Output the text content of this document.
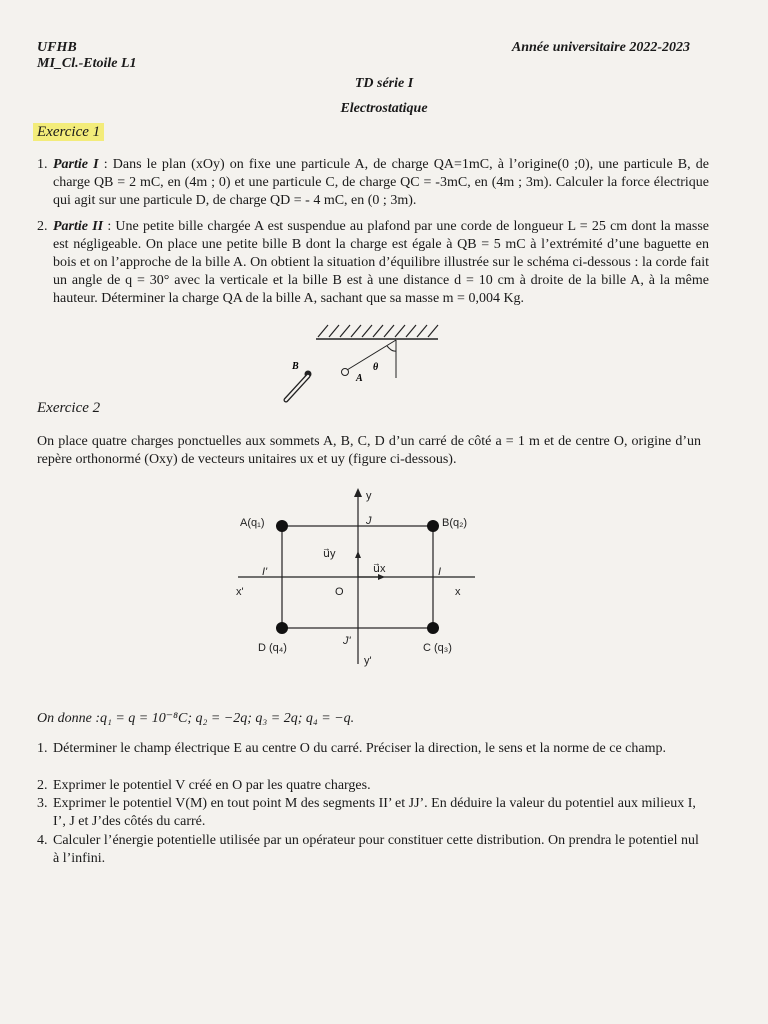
UFHB
MI_Cl.-Etoile L1
Année universitaire 2022-2023
TD série I
Electrostatique
Exercice 1
1. Partie I : Dans le plan (xOy) on fixe une particule A, de charge QA=1mC, à l’origine(0 ;0), une particule B, de charge QB = 2 mC, en (4m ; 0) et une particule C, de charge QC = -3mC, en (4m ; 3m). Calculer la force électrique qui agit sur une particule D, de charge QD = - 4 mC, en (0 ; 3m).
2. Partie II : Une petite bille chargée A est suspendue au plafond par une corde de longueur L = 25 cm dont la masse est négligeable. On place une petite bille B dont la charge est égale à QB = 5 mC à l’extrémité d’une baguette en bois et on l’approche de la bille A. On obtient la situation d’équilibre illustrée sur le schéma ci-dessous : la corde fait un angle de q = 30° avec la verticale et la bille B est à une distance d = 10 cm à droite de la bille A, à la même hauteur. Déterminer la charge QA de la bille A, sachant que sa masse m = 0,004 Kg.
B
A
θ
Exercice 2
On place quatre charges ponctuelles aux sommets A, B, C, D d’un carré de côté a = 1 m et de centre O, origine d’un repère orthonormé (Oxy) de vecteurs unitaires ux et uy (figure ci-dessous).
y
y'
x
x'
A(q₁)	B(q₂)
C (q₃)
D (q₄)
O
I
I'
J
J'
u⃗y
u⃗x
On donne :q₁ = q = 10⁻⁸C; q₂ = −2q; q₃ = 2q; q₄ = −q.
1. Déterminer le champ électrique E au centre O du carré. Préciser la direction, le sens et la norme de ce champ.
2. Exprimer le potentiel V créé en O par les quatre charges.
3. Exprimer le potentiel V(M) en tout point M des segments II’ et JJ’. En déduire la valeur du potentiel aux milieux I, I’, J et J’des côtés du carré.
4. Calculer l’énergie potentielle utilisée par un opérateur pour constituer cette distribution. On prendra le potentiel nul à l’infini.
